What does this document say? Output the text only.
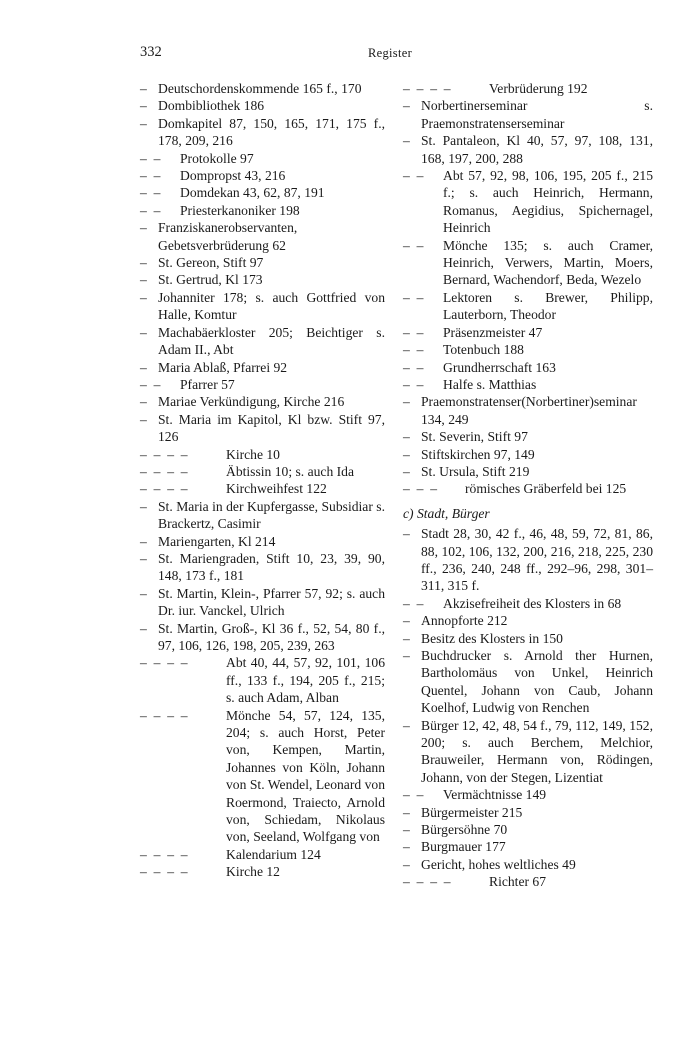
332	Register
– Deutschordenskommende 165 f., 170
– Dombibliothek 186
– Domkapitel 87, 150, 165, 171, 175 f., 178, 209, 216
–  –	Protokolle 97
–  –	Dompropst 43, 216
–  –	Domdekan 43, 62, 87, 191
–  –	Priesterkanoniker 198
– Franziskanerobservanten, Gebetsverbrüderung 62
– St. Gereon, Stift 97
– St. Gertrud, Kl 173
– Johanniter 178; s. auch Gottfried von Halle, Komtur
– Machabäerkloster 205; Beichtiger s. Adam II., Abt
– Maria Ablaß, Pfarrei 92
–  –	Pfarrer 57
– Mariae Verkündigung, Kirche 216
– St. Maria im Kapitol, Kl bzw. Stift 97, 126
–  –  –  –	Kirche 10
–  –  –  –	Äbtissin 10; s. auch Ida
–  –  –  –	Kirchweihfest 122
– St. Maria in der Kupfergasse, Subsidiar s. Brackertz, Casimir
– Mariengarten, Kl 214
– St. Mariengraden, Stift 10, 23, 39, 90, 148, 173 f., 181
– St. Martin, Klein-, Pfarrer 57, 92; s. auch Dr. iur. Vanckel, Ulrich
– St. Martin, Groß-, Kl 36 f., 52, 54, 80 f., 97, 106, 126, 198, 205, 239, 263
–  –  –  –	Abt 40, 44, 57, 92, 101, 106 ff., 133 f., 194, 205 f., 215; s. auch Adam, Alban
–  –  –  –	Mönche 54, 57, 124, 135, 204; s. auch Horst, Peter von, Kempen, Martin, Johannes von Köln, Johann von St. Wendel, Leonard von Roermond, Traiecto, Arnold von, Schiedam, Nikolaus von, Seeland, Wolfgang von
–  –  –  –	Kalendarium 124
–  –  –  –	Kirche 12
–  –  –  –	Verbrüderung 192
– Norbertinerseminar s. Praemonstratenserseminar
– St. Pantaleon, Kl 40, 57, 97, 108, 131, 168, 197, 200, 288
–  –	Abt 57, 92, 98, 106, 195, 205 f., 215 f.; s. auch Heinrich, Hermann, Romanus, Aegidius, Spichernagel, Heinrich
–  –	Mönche 135; s. auch Cramer, Heinrich, Verwers, Martin, Moers, Bernard, Wachendorf, Beda, Wezelo
–  –	Lektoren s. Brewer, Philipp, Lauterborn, Theodor
–  –	Präsenzmeister 47
–  –	Totenbuch 188
–  –	Grundherrschaft 163
–  –	Halfe s. Matthias
– Praemonstratenser(Norbertiner)seminar 134, 249
– St. Severin, Stift 97
– Stiftskirchen 97, 149
– St. Ursula, Stift 219
–  –  –	römisches Gräberfeld bei 125
c) Stadt, Bürger
– Stadt 28, 30, 42 f., 46, 48, 59, 72, 81, 86, 88, 102, 106, 132, 200, 216, 218, 225, 230 ff., 236, 240, 248 ff., 292–96, 298, 301–311, 315 f.
–  –	Akzisefreiheit des Klosters in 68
– Annopforte 212
– Besitz des Klosters in 150
– Buchdrucker s. Arnold ther Hurnen, Bartholomäus von Unkel, Heinrich Quentel, Johann von Caub, Johann Koelhof, Ludwig von Renchen
– Bürger 12, 42, 48, 54 f., 79, 112, 149, 152, 200; s. auch Berchem, Melchior, Brauweiler, Hermann von, Rödingen, Johann, von der Stegen, Lizentiat
–  –	Vermächtnisse 149
– Bürgermeister 215
– Bürgersöhne 70
– Burgmauer 177
– Gericht, hohes weltliches 49
–  –  –  –	Richter 67
